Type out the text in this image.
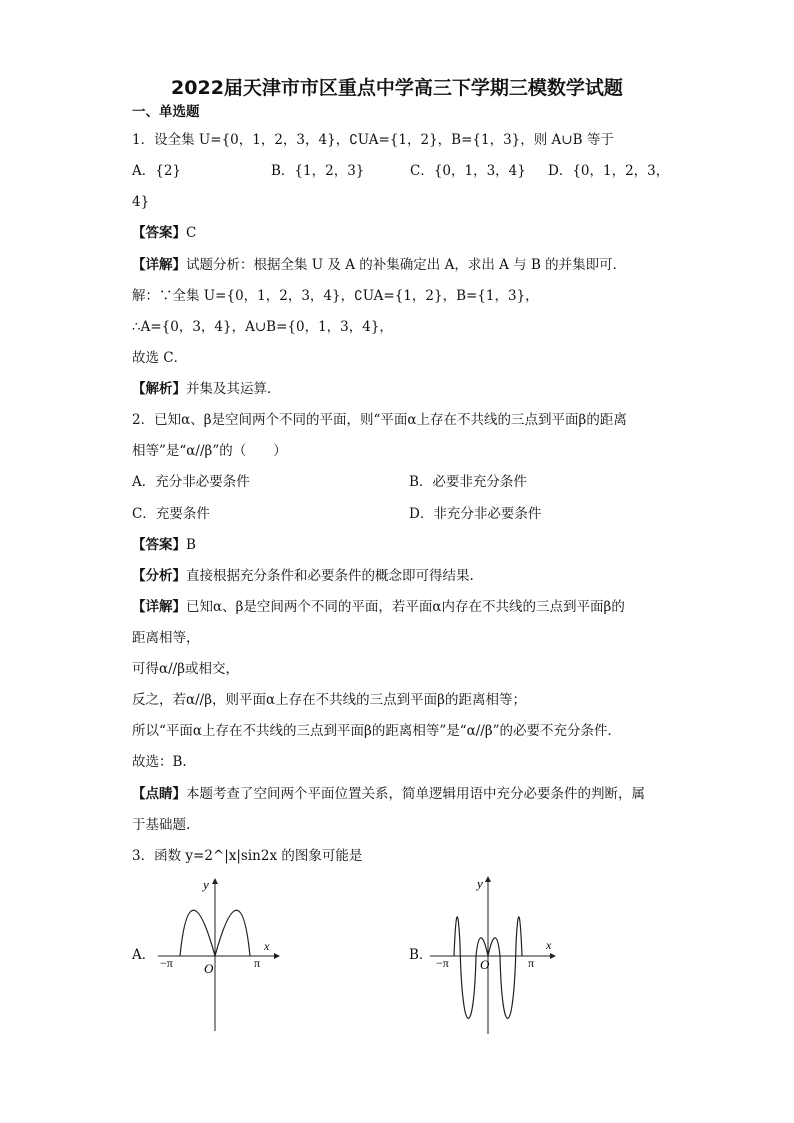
2022届天津市市区重点中学高三下学期三模数学试题
一、单选题
1．设全集 U={0，1，2，3，4}，∁UA={1，2}，B={1，3}，则 A∪B 等于
A．{2}	B．{1，2，3}	C．{0，1，3，4} D．{0，1，2，3，
4}
【答案】C
【详解】试题分析：根据全集 U 及 A 的补集确定出 A，求出 A 与 B 的并集即可．
解：∵全集 U={0，1，2，3，4}，∁UA={1，2}，B={1，3}，
∴A={0，3，4}，A∪B={0，1，3，4}，
故选 C．
【解析】并集及其运算．
2．已知α、β是空间两个不同的平面，则“平面α上存在不共线的三点到平面β的距离
相等”是“α//β”的（　　）
A．充分非必要条件	B．必要非充分条件
C．充要条件	D．非充分非必要条件
【答案】B
【分析】直接根据充分条件和必要条件的概念即可得结果.
【详解】已知α、β是空间两个不同的平面，若平面α内存在不共线的三点到平面β的
距离相等，
可得α//β或相交，
反之，若α//β，则平面α上存在不共线的三点到平面β的距离相等；
所以“平面α上存在不共线的三点到平面β的距离相等”是“α//β”的必要不充分条件．
故选：B.
【点睛】本题考查了空间两个平面位置关系，简单逻辑用语中充分必要条件的判断，属
于基础题.
3．函数 y=2^|x|sin2x 的图象可能是
A．
y
x
O
−π	π	B．
y
x
O
−π	π
